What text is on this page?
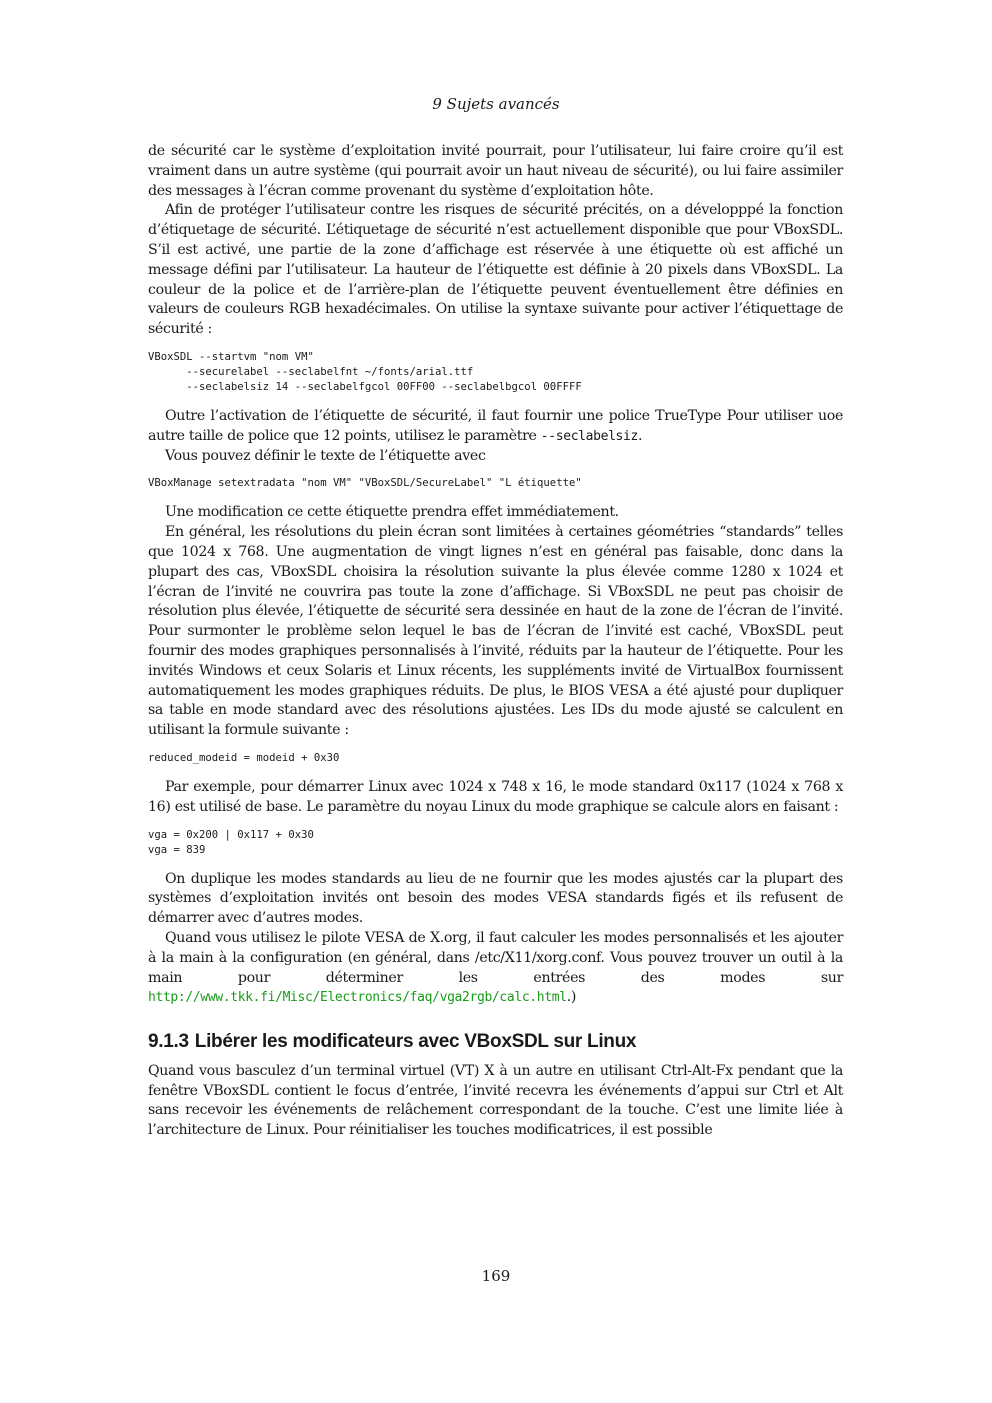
9 Sujets avancés

de sécurité car le système d’exploitation invité pourrait, pour l’utilisateur, lui faire croire qu’il est vraiment dans un autre système (qui pourrait avoir un haut niveau de sécurité), ou lui faire assimiler des messages à l’écran comme provenant du système d’exploitation hôte.

Afin de protéger l’utilisateur contre les risques de sécurité précités, on a développpé la fonction d’étiquetage de sécurité. L’étiquetage de sécurité n’est actuellement disponible que pour VBoxSDL. S’il est activé, une partie de la zone d’affichage est réservée à une étiquette où est affiché un message défini par l’utilisateur. La hauteur de l’étiquette est définie à 20 pixels dans VBoxSDL. La couleur de la police et de l’arrière-plan de l’étiquette peuvent éventuellement être définies en valeurs de couleurs RGB hexadécimales. On utilise la syntaxe suivante pour activer l’étiquettage de sécurité :

VBoxSDL --startvm "nom VM"
--securelabel --seclabelfnt ~/fonts/arial.ttf
--seclabelsiz 14 --seclabelfgcol 00FF00 --seclabelbgcol 00FFFF

Outre l’activation de l’étiquette de sécurité, il faut fournir une police TrueType Pour utiliser uoe autre taille de police que 12 points, utilisez le paramètre --seclabelsiz.

Vous pouvez définir le texte de l’étiquette avec

VBoxManage setextradata "nom VM" "VBoxSDL/SecureLabel" "L étiquette"

Une modification ce cette étiquette prendra effet immédiatement.

En général, les résolutions du plein écran sont limitées à certaines géométries “standards” telles que 1024 x 768. Une augmentation de vingt lignes n’est en général pas faisable, donc dans la plupart des cas, VBoxSDL choisira la résolution suivante la plus élevée comme 1280 x 1024 et l’écran de l’invité ne couvrira pas toute la zone d’affichage. Si VBoxSDL ne peut pas choisir de résolution plus élevée, l’étiquette de sécurité sera dessinée en haut de la zone de l’écran de l’invité. Pour surmonter le problème selon lequel le bas de l’écran de l’invité est caché, VBoxSDL peut fournir des modes graphiques personnalisés à l’invité, réduits par la hauteur de l’étiquette. Pour les invités Windows et ceux Solaris et Linux récents, les suppléments invité de VirtualBox fournissent automatiquement les modes graphiques réduits. De plus, le BIOS VESA a été ajusté pour dupliquer sa table en mode standard avec des résolutions ajustées. Les IDs du mode ajusté se calculent en utilisant la formule suivante :

reduced_modeid = modeid + 0x30

Par exemple, pour démarrer Linux avec 1024 x 748 x 16, le mode standard 0x117 (1024 x 768 x 16) est utilisé de base. Le paramètre du noyau Linux du mode graphique se calcule alors en faisant :

vga = 0x200 | 0x117 + 0x30
vga = 839

On duplique les modes standards au lieu de ne fournir que les modes ajustés car la plupart des systèmes d’exploitation invités ont besoin des modes VESA standards figés et ils refusent de démarrer avec d’autres modes.

Quand vous utilisez le pilote VESA de X.org, il faut calculer les modes personnalisés et les ajouter à la main à la configuration (en général, dans /etc/X11/xorg.conf. Vous pouvez trouver un outil à la main pour déterminer les entrées des modes sur http://www.tkk.fi/Misc/Electronics/faq/vga2rgb/calc.html.)

9.1.3 Libérer les modificateurs avec VBoxSDL sur Linux

Quand vous basculez d’un terminal virtuel (VT) X à un autre en utilisant Ctrl-Alt-Fx pendant que la fenêtre VBoxSDL contient le focus d’entrée, l’invité recevra les événements d’appui sur Ctrl et Alt sans recevoir les événements de relâchement correspondant de la touche. C’est une limite liée à l’architecture de Linux. Pour réinitialiser les touches modificatrices, il est possible

169
